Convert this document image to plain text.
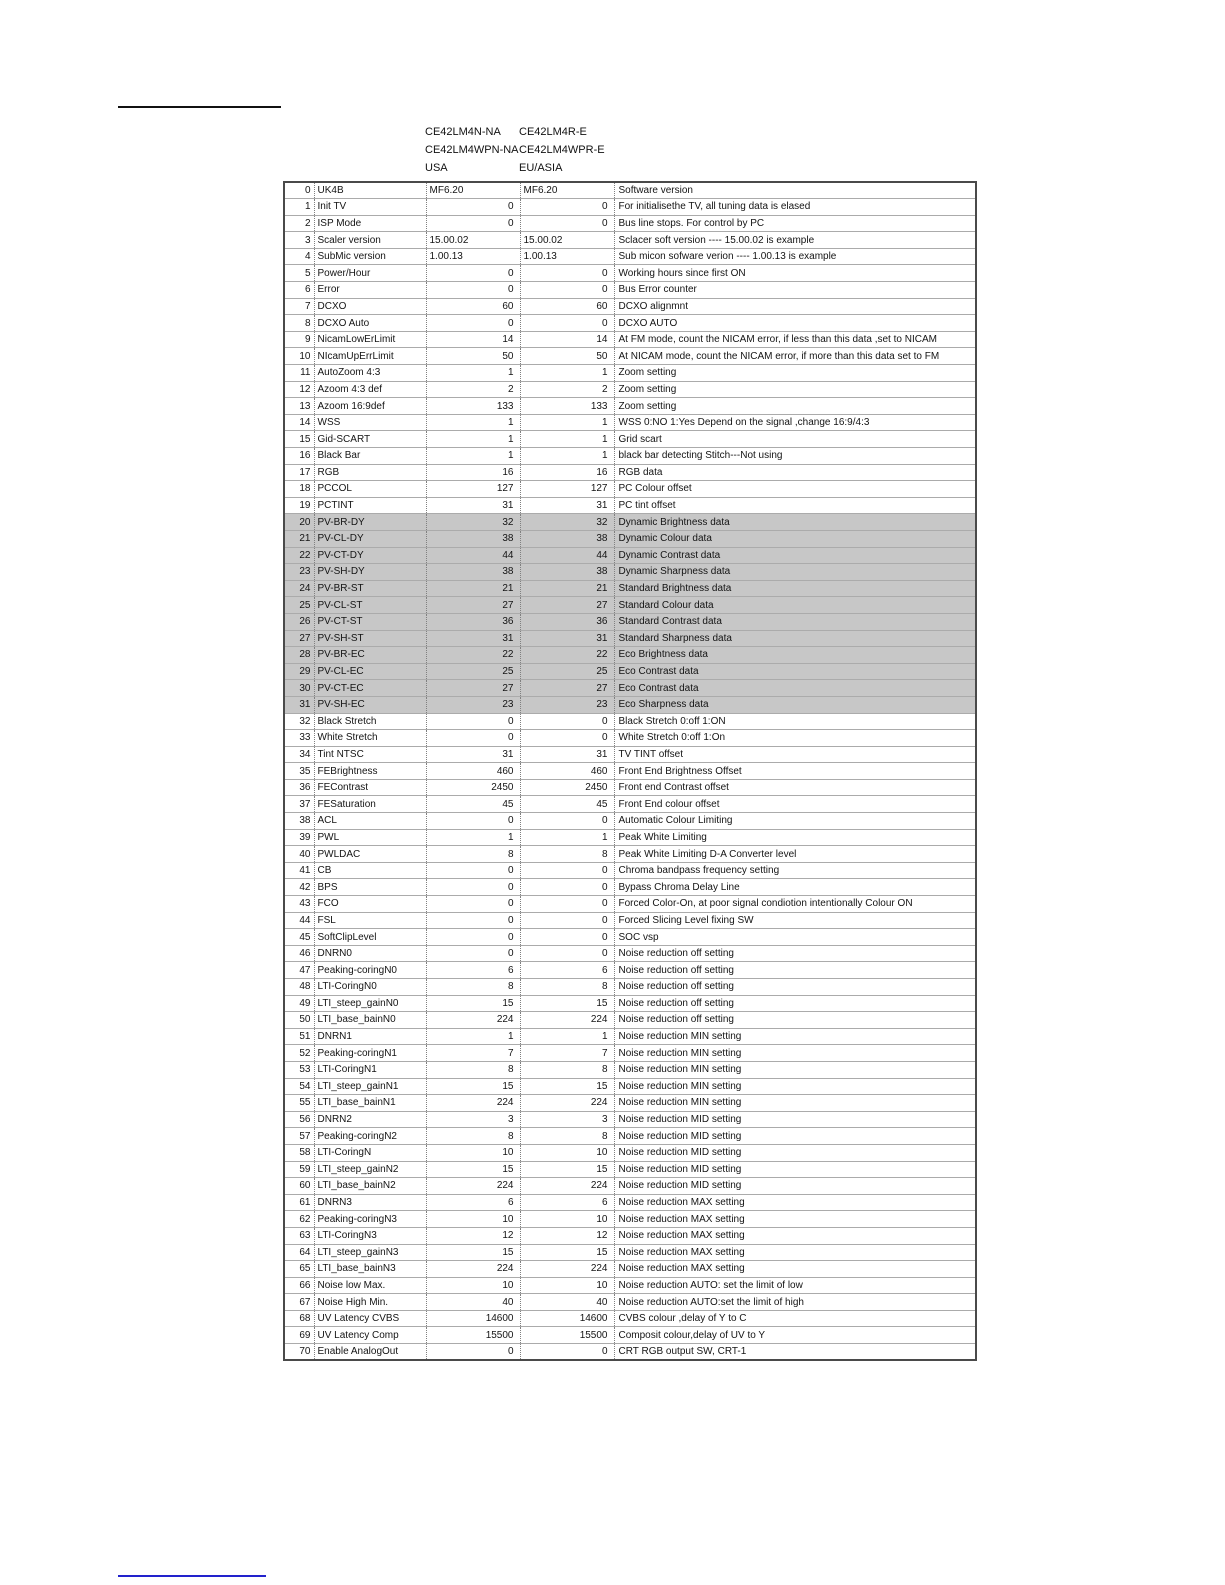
CE42LM4N-NA CE42LM4R-E
CE42LM4WPN-NA CE42LM4WPR-E
USA	EU/ASIA
0	UK4B	MF6.20	MF6.20	Software version
1	Init TV	0	0	For initialisethe TV, all tuning data is elased
2	ISP Mode	0	0	Bus line stops. For control by PC
3	Scaler version	15.00.02	15.00.02	Sclacer soft version ---- 15.00.02 is example
4	SubMic version	1.00.13	1.00.13	Sub micon sofware verion ---- 1.00.13 is example
5	Power/Hour	0	0	Working hours since first ON
6	Error	0	0	Bus Error counter
7	DCXO	60	60	DCXO alignmnt
8	DCXO Auto	0	0	DCXO AUTO
9	NicamLowErLimit	14	14	At FM mode, count the NICAM error, if less than this data ,set to NICAM
10	NIcamUpErrLimit	50	50	At NICAM mode, count the NICAM error, if more than this data set to FM
11	AutoZoom 4:3	1	1	Zoom setting
12	Azoom 4:3 def	2	2	Zoom setting
13	Azoom 16:9def	133	133	Zoom setting
14	WSS	1	1	WSS 0:NO 1:Yes Depend on the signal ,change 16:9/4:3
15	Gid-SCART	1	1	Grid scart
16	Black Bar	1	1	black bar detecting Stitch---Not using
17	RGB	16	16	RGB data
18	PCCOL	127	127	PC Colour offset
19	PCTINT	31	31	PC tint offset
20	PV-BR-DY	32	32	Dynamic Brightness data
21	PV-CL-DY	38	38	Dynamic Colour data
22	PV-CT-DY	44	44	Dynamic Contrast data
23	PV-SH-DY	38	38	Dynamic Sharpness data
24	PV-BR-ST	21	21	Standard Brightness data
25	PV-CL-ST	27	27	Standard Colour data
26	PV-CT-ST	36	36	Standard Contrast data
27	PV-SH-ST	31	31	Standard Sharpness data
28	PV-BR-EC	22	22	Eco Brightness data
29	PV-CL-EC	25	25	Eco Contrast data
30	PV-CT-EC	27	27	Eco Contrast data
31	PV-SH-EC	23	23	Eco Sharpness data
32	Black Stretch	0	0	Black Stretch 0:off 1:ON
33	White Stretch	0	0	White Stretch 0:off 1:On
34	Tint NTSC	31	31	TV TINT offset
35	FEBrightness	460	460	Front End Brightness Offset
36	FEContrast	2450	2450	Front end Contrast offset
37	FESaturation	45	45	Front End colour offset
38	ACL	0	0	Automatic Colour Limiting
39	PWL	1	1	Peak White Limiting
40	PWLDAC	8	8	Peak White Limiting D-A Converter level
41	CB	0	0	Chroma bandpass frequency setting
42	BPS	0	0	Bypass Chroma Delay Line
43	FCO	0	0	Forced Color-On, at poor signal condiotion intentionally Colour ON
44	FSL	0	0	Forced Slicing Level fixing SW
45	SoftClipLevel	0	0	SOC vsp
46	DNRN0	0	0	Noise reduction off setting
47	Peaking-coringN0	6	6	Noise reduction off setting
48	LTI-CoringN0	8	8	Noise reduction off setting
49	LTI_steep_gainN0	15	15	Noise reduction off setting
50	LTI_base_bainN0	224	224	Noise reduction off setting
51	DNRN1	1	1	Noise reduction MIN setting
52	Peaking-coringN1	7	7	Noise reduction MIN setting
53	LTI-CoringN1	8	8	Noise reduction MIN setting
54	LTI_steep_gainN1	15	15	Noise reduction MIN setting
55	LTI_base_bainN1	224	224	Noise reduction MIN setting
56	DNRN2	3	3	Noise reduction MID setting
57	Peaking-coringN2	8	8	Noise reduction MID setting
58	LTI-CoringN	10	10	Noise reduction MID setting
59	LTI_steep_gainN2	15	15	Noise reduction MID setting
60	LTI_base_bainN2	224	224	Noise reduction MID setting
61	DNRN3	6	6	Noise reduction MAX setting
62	Peaking-coringN3	10	10	Noise reduction MAX setting
63	LTI-CoringN3	12	12	Noise reduction MAX setting
64	LTI_steep_gainN3	15	15	Noise reduction MAX setting
65	LTI_base_bainN3	224	224	Noise reduction MAX setting
66	Noise low Max.	10	10	Noise reduction AUTO: set the limit of low
67	Noise High Min.	40	40	Noise reduction AUTO:set the limit of high
68	UV Latency CVBS	14600	14600	CVBS colour ,delay of Y to C
69	UV Latency Comp	15500	15500	Composit colour,delay of UV to Y
70	Enable AnalogOut	0	0	CRT RGB output SW, CRT-1
